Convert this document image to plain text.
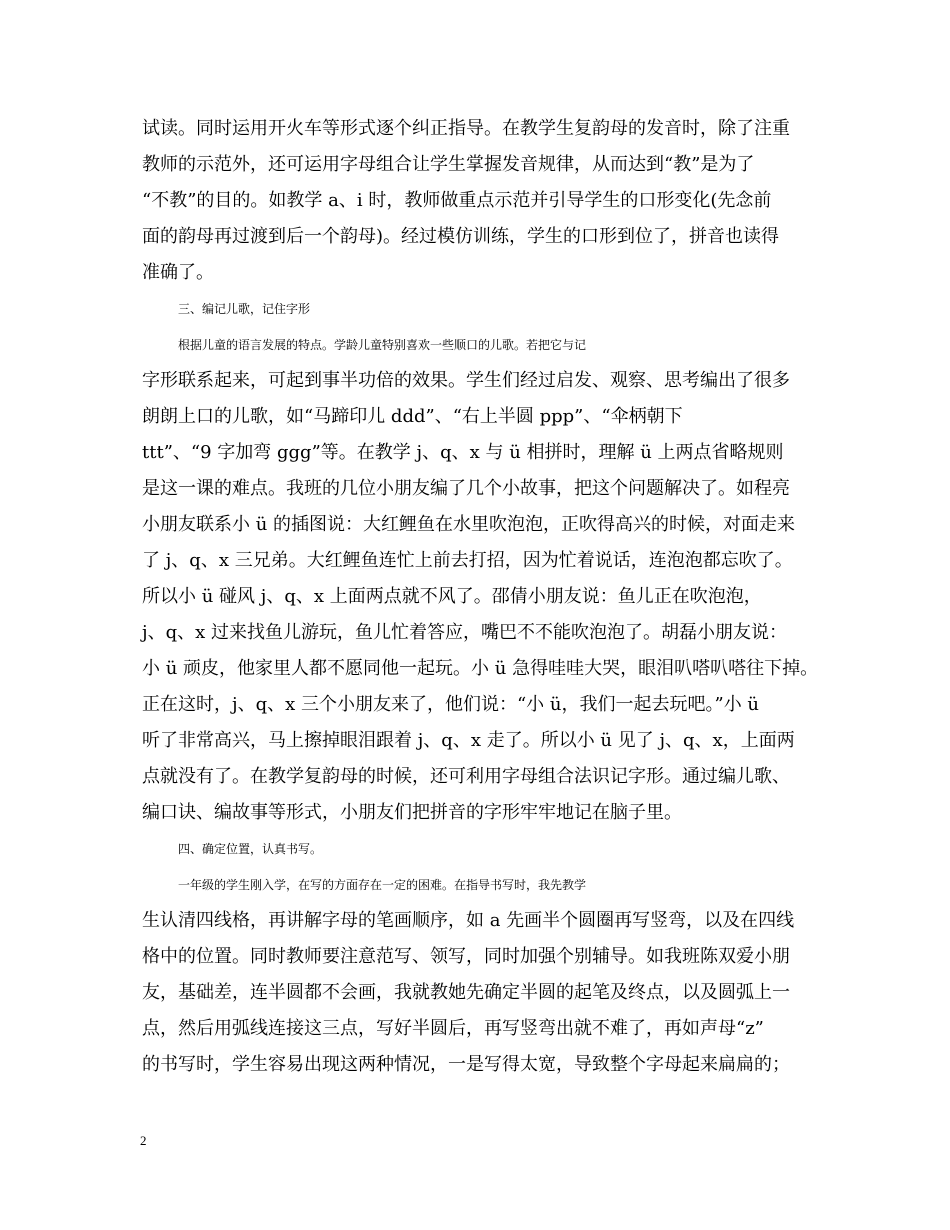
试读。同时运用开火车等形式逐个纠正指导。在教学生复韵母的发音时，除了注重
教师的示范外，还可运用字母组合让学生掌握发音规律，从而达到“教”是为了
“不教”的目的。如教学 a、i 时，教师做重点示范并引导学生的口形变化(先念前
面的韵母再过渡到后一个韵母)。经过模仿训练，学生的口形到位了，拼音也读得
准确了。
三、编记儿歌，记住字形
根据儿童的语言发展的特点。学龄儿童特别喜欢一些顺口的儿歌。若把它与记
字形联系起来，可起到事半功倍的效果。学生们经过启发、观察、思考编出了很多
朗朗上口的儿歌，如“马蹄印儿 ddd”、“右上半圆 ppp”、“伞柄朝下
ttt”、“9 字加弯 ggg”等。在教学 j、q、x 与 ü 相拼时，理解 ü 上两点省略规则
是这一课的难点。我班的几位小朋友编了几个小故事，把这个问题解决了。如程亮
小朋友联系小 ü 的插图说：大红鲤鱼在水里吹泡泡，正吹得高兴的时候，对面走来
了 j、q、x 三兄弟。大红鲤鱼连忙上前去打招，因为忙着说话，连泡泡都忘吹了。
所以小 ü 碰风 j、q、x 上面两点就不风了。邵倩小朋友说：鱼儿正在吹泡泡，
j、q、x 过来找鱼儿游玩，鱼儿忙着答应，嘴巴不不能吹泡泡了。胡磊小朋友说：
小 ü 顽皮，他家里人都不愿同他一起玩。小 ü 急得哇哇大哭，眼泪叭嗒叭嗒往下掉。
正在这时，j、q、x 三个小朋友来了，他们说：“小 ü，我们一起去玩吧。”小 ü
听了非常高兴，马上擦掉眼泪跟着 j、q、x 走了。所以小 ü 见了 j、q、x，上面两
点就没有了。在教学复韵母的时候，还可利用字母组合法识记字形。通过编儿歌、
编口诀、编故事等形式，小朋友们把拼音的字形牢牢地记在脑子里。
四、确定位置，认真书写。
一年级的学生刚入学，在写的方面存在一定的困难。在指导书写时，我先教学
生认清四线格，再讲解字母的笔画顺序，如 a 先画半个圆圈再写竖弯，以及在四线
格中的位置。同时教师要注意范写、领写，同时加强个别辅导。如我班陈双爱小朋
友，基础差，连半圆都不会画，我就教她先确定半圆的起笔及终点，以及圆弧上一
点，然后用弧线连接这三点，写好半圆后，再写竖弯出就不难了，再如声母“z”
的书写时，学生容易出现这两种情况，一是写得太宽，导致整个字母起来扁扁的；
2
